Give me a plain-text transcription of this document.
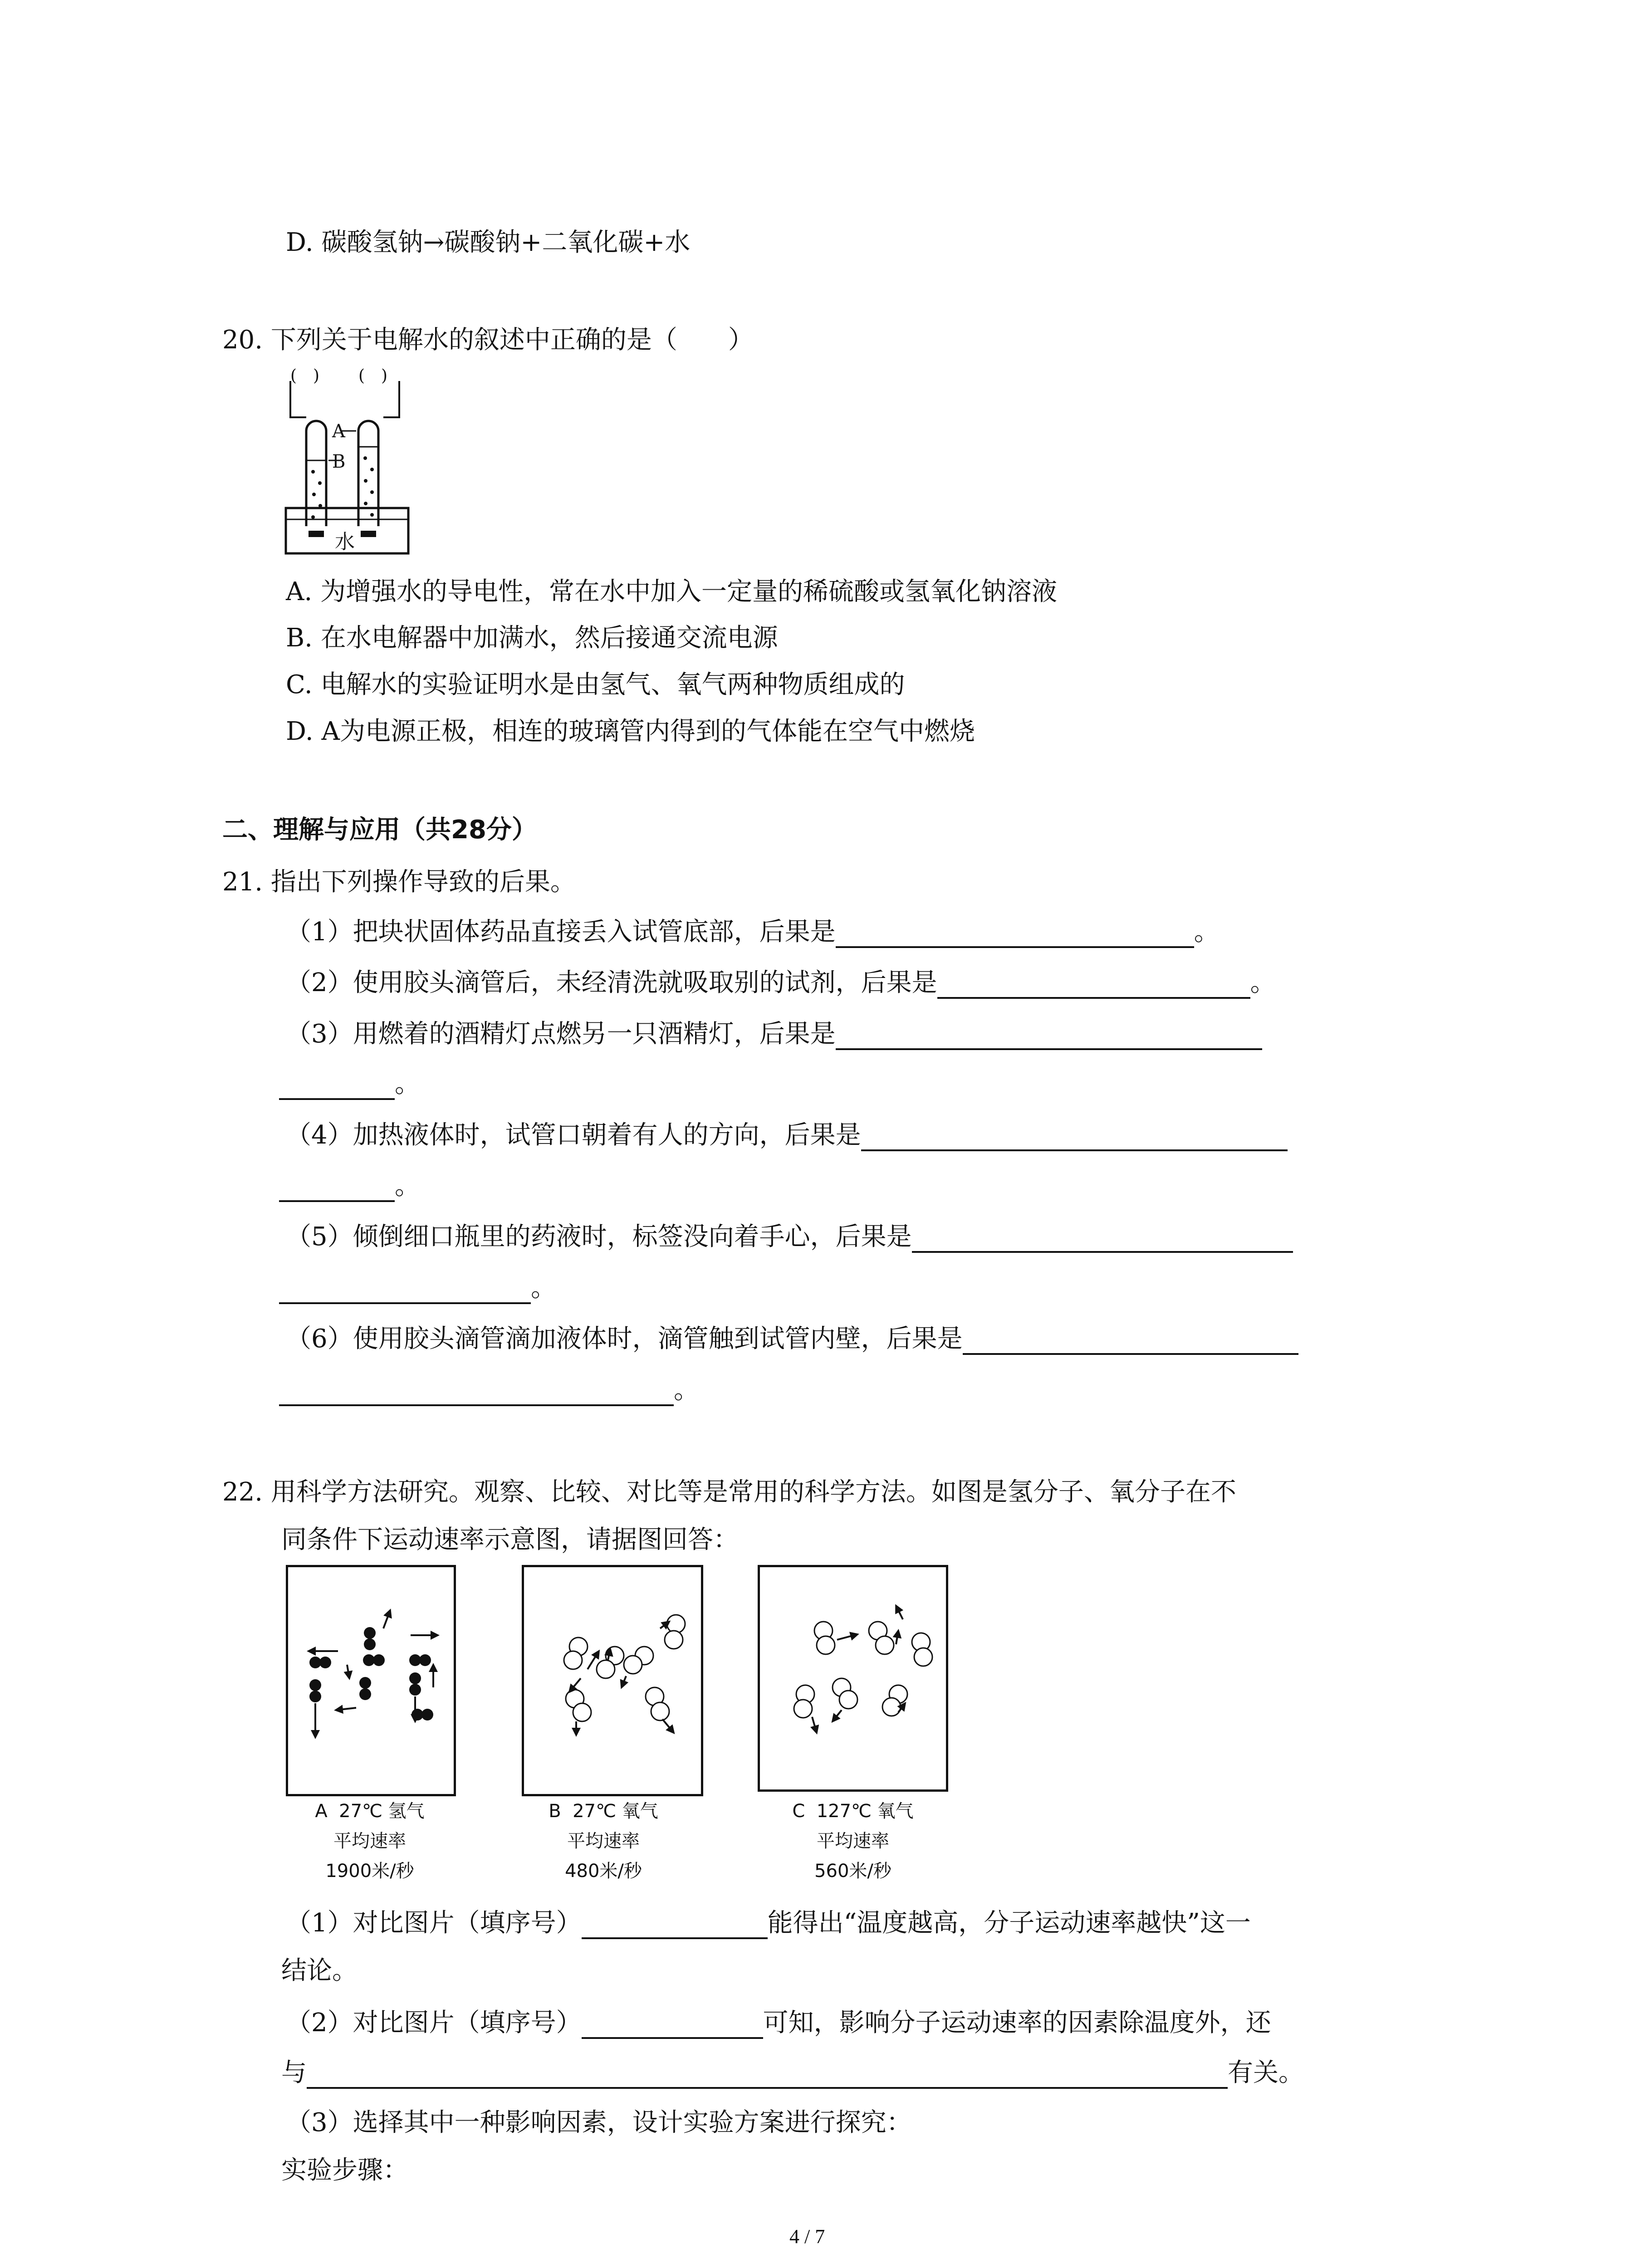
D. 碳酸氢钠→碳酸钠+二氧化碳+水
20. 下列关于电解水的叙述中正确的是（　　）
(　) (　)
A
B
水
A. 为增强水的导电性，常在水中加入一定量的稀硫酸或氢氧化钠溶液
B. 在水电解器中加满水，然后接通交流电源
C. 电解水的实验证明水是由氢气、氧气两种物质组成的
D. A为电源正极，相连的玻璃管内得到的气体能在空气中燃烧
二、理解与应用（共28分）
21. 指出下列操作导致的后果。
（1）把块状固体药品直接丢入试管底部，后果是	。
（2）使用胶头滴管后，未经清洗就吸取别的试剂，后果是	。
（3）用燃着的酒精灯点燃另一只酒精灯，后果是
。
（4）加热液体时，试管口朝着有人的方向，后果是
。
（5）倾倒细口瓶里的药液时，标签没向着手心，后果是
。
（6）使用胶头滴管滴加液体时，滴管触到试管内壁，后果是
。
22. 用科学方法研究。观察、比较、对比等是常用的科学方法。如图是氢分子、氧分子在不
同条件下运动速率示意图，请据图回答：
A 27℃ 氢气
平均速率
1900米/秒
B 27℃ 氧气
平均速率
480米/秒
C 127℃ 氧气
平均速率
560米/秒
（1）对比图片（填序号）	能得出“温度越高，分子运动速率越快”这一
结论。
（2）对比图片（填序号）	可知，影响分子运动速率的因素除温度外，还
与	有关。
（3）选择其中一种影响因素，设计实验方案进行探究：
实验步骤：
4 / 7
